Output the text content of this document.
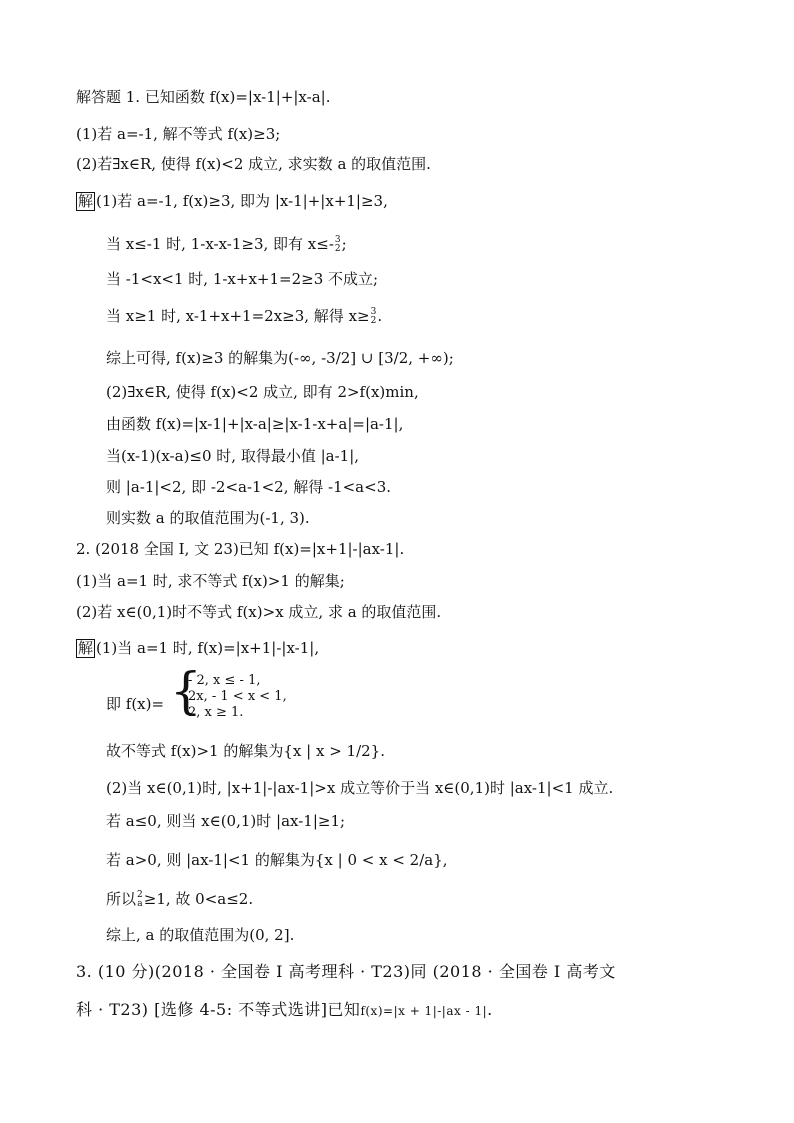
解答题 1. 已知函数 f(x)=|x-1|+|x-a|.
(1)若 a=-1, 解不等式 f(x)≥3;
(2)若∃x∈R, 使得 f(x)<2 成立, 求实数 a 的取值范围.
解 (1)若 a=-1, f(x)≥3, 即为 |x-1|+|x+1|≥3,
当 x≤-1 时, 1-x-x-1≥3, 即有 x≤- 3
2 ;
当 -1<x<1 时, 1-x+x+1=2≥3 不成立;
当 x≥1 时, x-1+x+1=2x≥3, 解得 x≥ 3
2 .
综上可得, f(x)≥3 的解集为(-∞, -3/2] ∪ [3/2, +∞);
(2)∃x∈R, 使得 f(x)<2 成立, 即有 2>f(x)min,
由函数 f(x)=|x-1|+|x-a|≥|x-1-x+a|=|a-1|,
当(x-1)(x-a)≤0 时, 取得最小值 |a-1|,
则 |a-1|<2, 即 -2<a-1<2, 解得 -1<a<3.
则实数 a 的取值范围为(-1, 3).
2. (2018 全国 I, 文 23)已知 f(x)=|x+1|-|ax-1|.
(1)当 a=1 时, 求不等式 f(x)>1 的解集;
(2)若 x∈(0,1)时不等式 f(x)>x 成立, 求 a 的取值范围.
解 (1)当 a=1 时, f(x)=|x+1|-|x-1|,
即 f(x)= {
- 2, x ≤ - 1,
2x, - 1 < x < 1,
2, x ≥ 1.
故不等式 f(x)>1 的解集为{x | x > 1/2}.
(2)当 x∈(0,1)时, |x+1|-|ax-1|>x 成立等价于当 x∈(0,1)时 |ax-1|<1 成立.
若 a≤0, 则当 x∈(0,1)时 |ax-1|≥1;
若 a>0, 则 |ax-1|<1 的解集为{x | 0 < x < 2/a},
所以 2
a ≥1, 故 0<a≤2.
综上, a 的取值范围为(0, 2].
3. (10 分)(2018 · 全国卷 I 高考理科 · T23)同 (2018 · 全国卷 I 高考文
科 · T23) [选修 4-5: 不等式选讲]已知f(x)=|x + 1|-|ax - 1|.
